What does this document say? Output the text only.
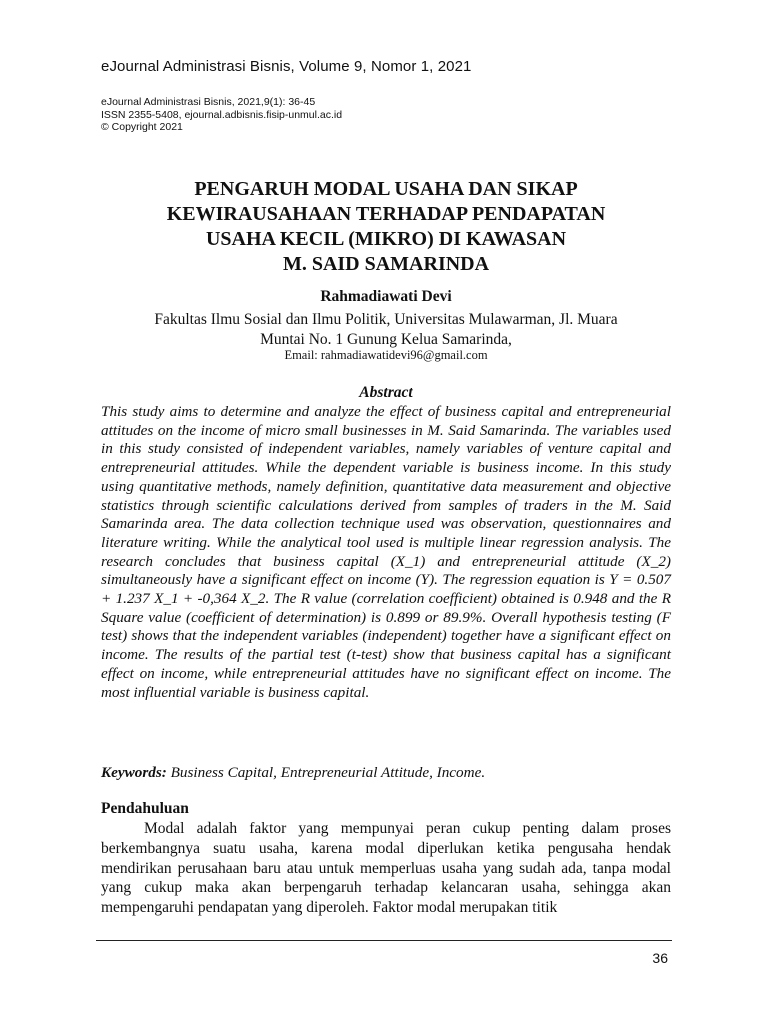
eJournal Administrasi Bisnis, Volume 9, Nomor 1, 2021
eJournal Administrasi Bisnis, 2021,9(1): 36-45
ISSN 2355-5408, ejournal.adbisnis.fisip-unmul.ac.id
© Copyright 2021
PENGARUH MODAL USAHA DAN SIKAP
KEWIRAUSAHAAN TERHADAP PENDAPATAN
USAHA KECIL (MIKRO) DI KAWASAN
M. SAID SAMARINDA
Rahmadiawati Devi
Fakultas Ilmu Sosial dan Ilmu Politik, Universitas Mulawarman, Jl. Muara
Muntai No. 1 Gunung Kelua Samarinda,
Email: rahmadiawatidevi96@gmail.com
Abstract

This study aims to determine and analyze the effect of business capital and entrepreneurial attitudes on the income of micro small businesses in M. Said Samarinda. The variables used in this study consisted of independent variables, namely variables of venture capital and entrepreneurial attitudes. While the dependent variable is business income. In this study using quantitative methods, namely definition, quantitative data measurement and objective statistics through scientific calculations derived from samples of traders in the M. Said Samarinda area. The data collection technique used was observation, questionnaires and literature writing. While the analytical tool used is multiple linear regression analysis. The research concludes that business capital (X_1) and entrepreneurial attitude (X_2) simultaneously have a significant effect on income (Y). The regression equation is Y = 0.507 + 1.237 X_1 + -0,364 X_2. The R value (correlation coefficient) obtained is 0.948 and the R Square value (coefficient of determination) is 0.899 or 89.9%. Overall hypothesis testing (F test) shows that the independent variables (independent) together have a significant effect on income. The results of the partial test (t-test) show that business capital has a significant effect on income, while entrepreneurial attitudes have no significant effect on income. The most influential variable is business capital.

Keywords: Business Capital, Entrepreneurial Attitude, Income.
Pendahuluan

Modal adalah faktor yang mempunyai peran cukup penting dalam proses berkembangnya suatu usaha, karena modal diperlukan ketika pengusaha hendak mendirikan perusahaan baru atau untuk memperluas usaha yang sudah ada, tanpa modal yang cukup maka akan berpengaruh terhadap kelancaran usaha, sehingga akan mempengaruhi pendapatan yang diperoleh. Faktor modal merupakan titik

36
